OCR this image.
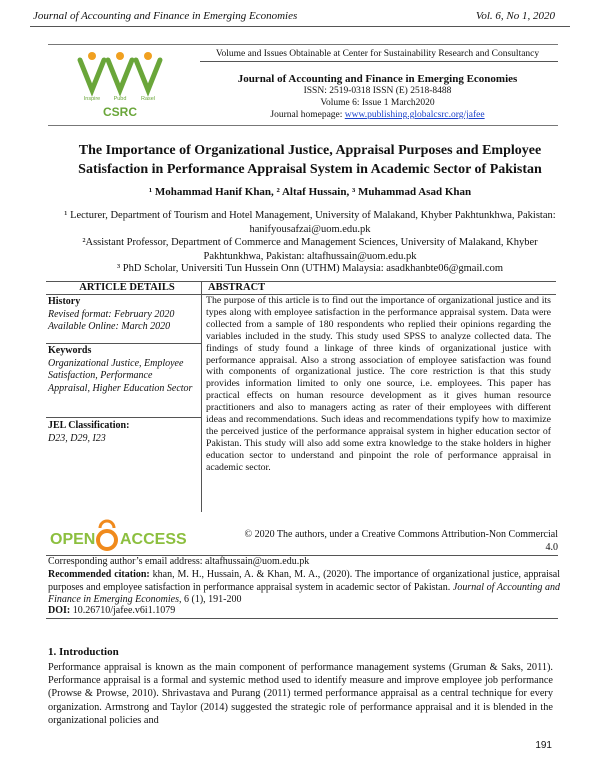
Journal of Accounting and Finance in Emerging Economies	Vol. 6, No 1, 2020
Inspire Pubd	Rasel
CSRC
Volume and Issues Obtainable at Center for Sustainability Research and Consultancy
Journal of Accounting and Finance in Emerging Economies
ISSN: 2519-0318 ISSN (E) 2518-8488
Volume 6: Issue 1 March2020
Journal homepage: www.publishing.globalcsrc.org/jafee
The Importance of Organizational Justice, Appraisal Purposes and Employee Satisfaction in Performance Appraisal System in Academic Sector of Pakistan
¹ Mohammad Hanif Khan, ² Altaf Hussain, ³ Muhammad Asad Khan
¹ Lecturer, Department of Tourism and Hotel Management, University of Malakand, Khyber Pakhtunkhwa, Pakistan: hanifyousafzai@uom.edu.pk
²Assistant Professor, Department of Commerce and Management Sciences, University of Malakand, Khyber Pakhtunkhwa, Pakistan: altafhussain@uom.edu.pk
³ PhD Scholar, Universiti Tun Hussein Onn (UTHM) Malaysia: asadkhanbte06@gmail.com
ARTICLE DETAILS	ABSTRACT
History
Revised format: February 2020
Available Online: March 2020
Keywords
Organizational Justice, Employee Satisfaction, Performance Appraisal, Higher Education Sector
JEL Classification:
D23, D29, I23
The purpose of this article is to find out the importance of organizational justice and its types along with employee satisfaction in the performance appraisal system. Data were collected from a sample of 180 respondents who replied their opinions regarding the variables included in the study. This study used SPSS to analyze collected data. The findings of study found a linkage of three kinds of organizational justice with performance appraisal. Also a strong association of employee satisfaction was found with components of organizational justice. The core restriction is that this study provides information limited to only one source, i.e. employees. This paper has practical effects on human resource development as it gives human resource practitioners and also to managers acting as rater of their employees with different ideas and recommendations. Such ideas and recommendations typify how to maximize the perceived justice of the performance appraisal system in higher education sector of Pakistan. This study will also add some extra knowledge to the stake holders in higher education sector to understand and pinpoint the role of performance appraisal in academic sector.
OPEN ACCESS	© 2020 The authors, under a Creative Commons Attribution-Non Commercial 4.0
Corresponding author’s email address: altafhussain@uom.edu.pk
Recommended citation: khan, M. H., Hussain, A. & Khan, M. A., (2020). The importance of organizational justice, appraisal purposes and employee satisfaction in performance appraisal system in academic sector of Pakistan. Journal of Accounting and Finance in Emerging Economies, 6 (1), 191-200
DOI: 10.26710/jafee.v6i1.1079
1. Introduction
Performance appraisal is known as the main component of performance management systems (Gruman & Saks, 2011). Performance appraisal is a formal and systemic method used to identify measure and improve employee job performance (Prowse & Prowse, 2010). Shrivastava and Purang (2011) termed performance appraisal as a central technique for every organization. Armstrong and Taylor (2014) suggested the strategic role of performance appraisal and it is blended in the organizational policies and
191
